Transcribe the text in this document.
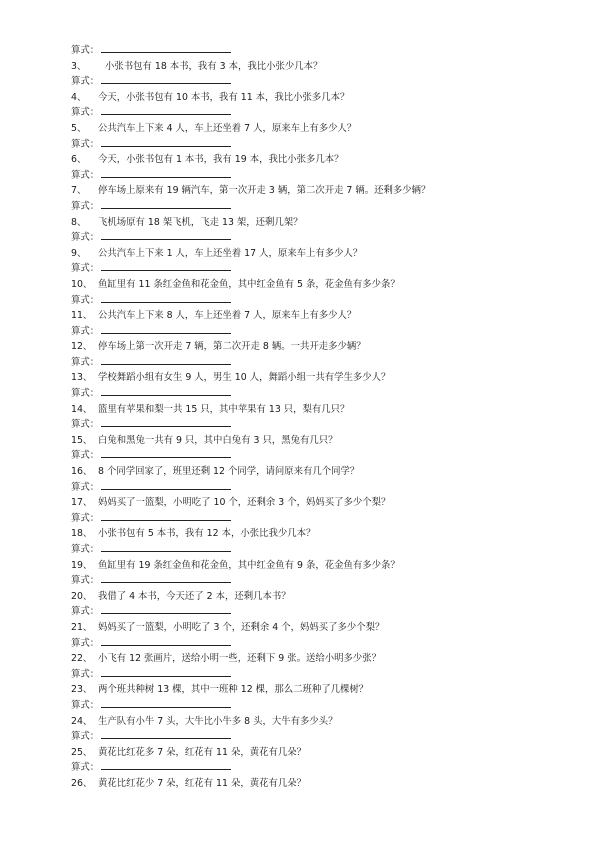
算式：
3、 小张书包有 18 本书，我有 3 本，我比小张少几本？
算式：
4、 今天，小张书包有 10 本书，我有 11 本，我比小张多几本？
算式：
5、 公共汽车上下来 4 人，车上还坐着 7 人，原来车上有多少人？
算式：
6、 今天，小张书包有 1 本书，我有 19 本，我比小张多几本？
算式：
7、 停车场上原来有 19 辆汽车，第一次开走 3 辆，第二次开走 7 辆。还剩多少辆？
算式：
8、 飞机场原有 18 架飞机，飞走 13 架，还剩几架？
算式：
9、 公共汽车上下来 1 人，车上还坐着 17 人，原来车上有多少人？
算式：
10、 鱼缸里有 11 条红金鱼和花金鱼，其中红金鱼有 5 条，花金鱼有多少条？
算式：
11、 公共汽车上下来 8 人，车上还坐着 7 人，原来车上有多少人？
算式：
12、 停车场上第一次开走 7 辆，第二次开走 8 辆。一共开走多少辆？
算式：
13、 学校舞蹈小组有女生 9 人，男生 10 人，舞蹈小组一共有学生多少人？
算式：
14、 篮里有苹果和梨一共 15 只，其中苹果有 13 只，梨有几只？
算式：
15、 白兔和黑兔一共有 9 只，其中白兔有 3 只，黑兔有几只？
算式：
16、 8 个同学回家了，班里还剩 12 个同学，请问原来有几个同学？
算式：
17、 妈妈买了一篮梨，小明吃了 10 个，还剩余 3 个，妈妈买了多少个梨？
算式：
18、 小张书包有 5 本书，我有 12 本，小张比我少几本？
算式：
19、 鱼缸里有 19 条红金鱼和花金鱼，其中红金鱼有 9 条，花金鱼有多少条？
算式：
20、 我借了 4 本书，今天还了 2 本，还剩几本书？
算式：
21、 妈妈买了一篮梨，小明吃了 3 个，还剩余 4 个，妈妈买了多少个梨？
算式：
22、 小飞有 12 张画片，送给小明一些，还剩下 9 张。送给小明多少张？
算式：
23、 两个班共种树 13 棵，其中一班种 12 棵，那么二班种了几棵树？
算式：
24、 生产队有小牛 7 头，大牛比小牛多 8 头，大牛有多少头？
算式：
25、 黄花比红花多 7 朵，红花有 11 朵，黄花有几朵？
算式：
26、 黄花比红花少 7 朵，红花有 11 朵，黄花有几朵？
